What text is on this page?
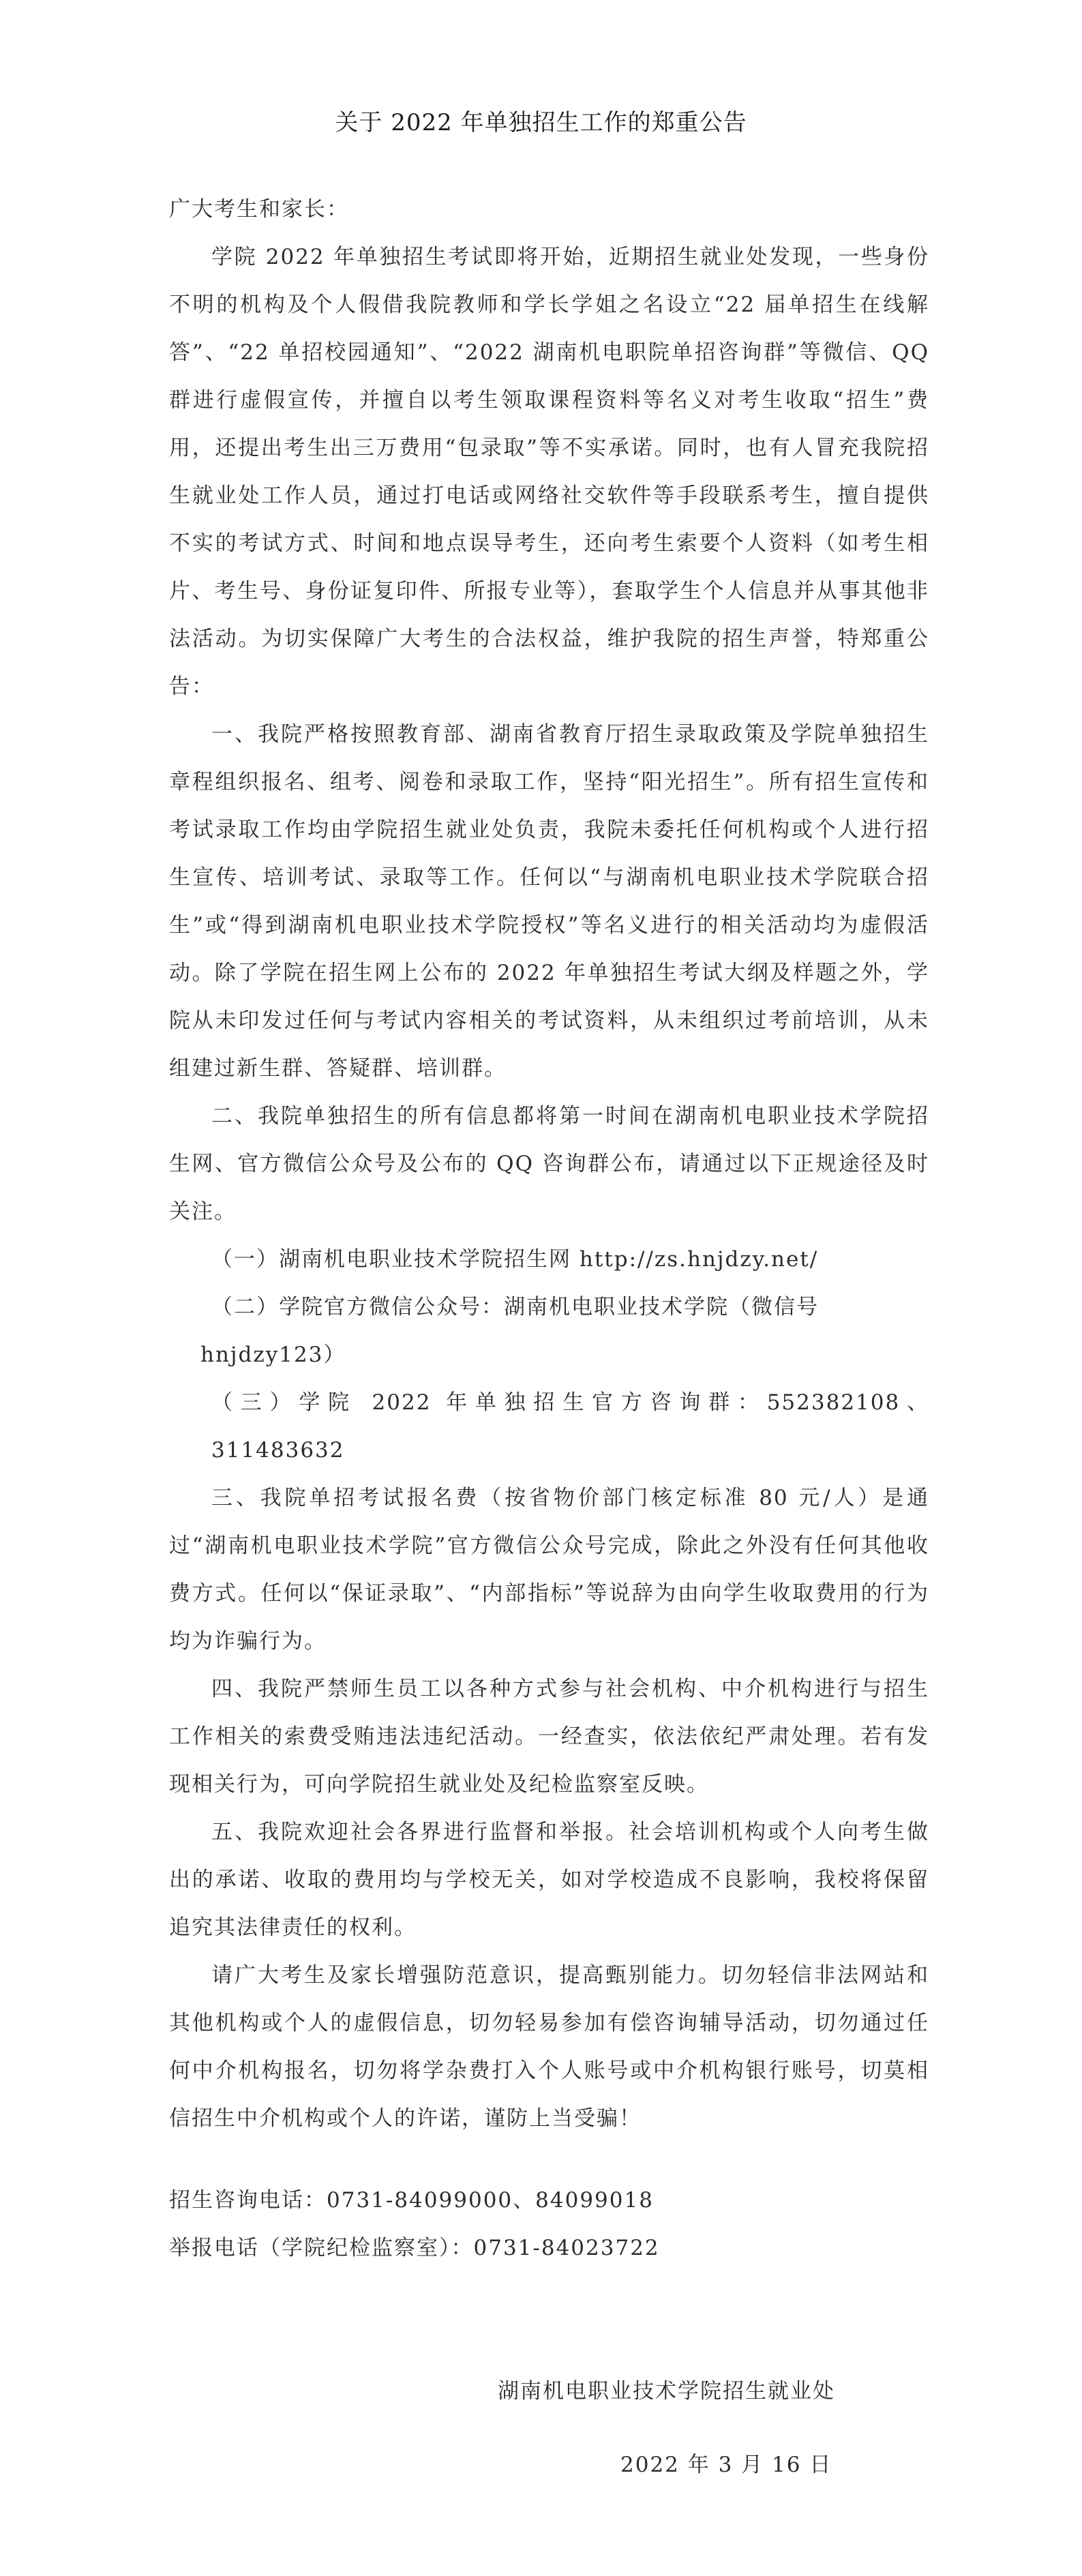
关于 2022 年单独招生工作的郑重公告

广大考生和家长：

学院 2022 年单独招生考试即将开始，近期招生就业处发现，一些身份不明的机构及个人假借我院教师和学长学姐之名设立“22 届单招生在线解答”、“22 单招校园通知”、“2022 湖南机电职院单招咨询群”等微信、QQ 群进行虚假宣传，并擅自以考生领取课程资料等名义对考生收取“招生”费用，还提出考生出三万费用“包录取”等不实承诺。同时，也有人冒充我院招生就业处工作人员，通过打电话或网络社交软件等手段联系考生，擅自提供不实的考试方式、时间和地点误导考生，还向考生索要个人资料（如考生相片、考生号、身份证复印件、所报专业等），套取学生个人信息并从事其他非法活动。为切实保障广大考生的合法权益，维护我院的招生声誉，特郑重公告：

一、我院严格按照教育部、湖南省教育厅招生录取政策及学院单独招生章程组织报名、组考、阅卷和录取工作，坚持“阳光招生”。所有招生宣传和考试录取工作均由学院招生就业处负责，我院未委托任何机构或个人进行招生宣传、培训考试、录取等工作。任何以“与湖南机电职业技术学院联合招生”或“得到湖南机电职业技术学院授权”等名义进行的相关活动均为虚假活动。除了学院在招生网上公布的 2022 年单独招生考试大纲及样题之外，学院从未印发过任何与考试内容相关的考试资料，从未组织过考前培训，从未组建过新生群、答疑群、培训群。

二、我院单独招生的所有信息都将第一时间在湖南机电职业技术学院招生网、官方微信公众号及公布的 QQ 咨询群公布，请通过以下正规途径及时关注。

（一）湖南机电职业技术学院招生网 http://zs.hnjdzy.net/

（二）学院官方微信公众号：湖南机电职业技术学院（微信号
hnjdzy123）

（三）学院 2022 年单独招生官方咨询群：552382108、311483632

三、我院单招考试报名费（按省物价部门核定标准 80 元/人）是通过“湖南机电职业技术学院”官方微信公众号完成，除此之外没有任何其他收费方式。任何以“保证录取”、“内部指标”等说辞为由向学生收取费用的行为均为诈骗行为。

四、我院严禁师生员工以各种方式参与社会机构、中介机构进行与招生工作相关的索费受贿违法违纪活动。一经查实，依法依纪严肃处理。若有发现相关行为，可向学院招生就业处及纪检监察室反映。

五、我院欢迎社会各界进行监督和举报。社会培训机构或个人向考生做出的承诺、收取的费用均与学校无关，如对学校造成不良影响，我校将保留追究其法律责任的权利。

请广大考生及家长增强防范意识，提高甄别能力。切勿轻信非法网站和其他机构或个人的虚假信息，切勿轻易参加有偿咨询辅导活动，切勿通过任何中介机构报名，切勿将学杂费打入个人账号或中介机构银行账号，切莫相信招生中介机构或个人的许诺，谨防上当受骗！

招生咨询电话：0731-84099000、84099018

举报电话（学院纪检监察室）：0731-84023722

湖南机电职业技术学院招生就业处
2022 年 3 月 16 日
